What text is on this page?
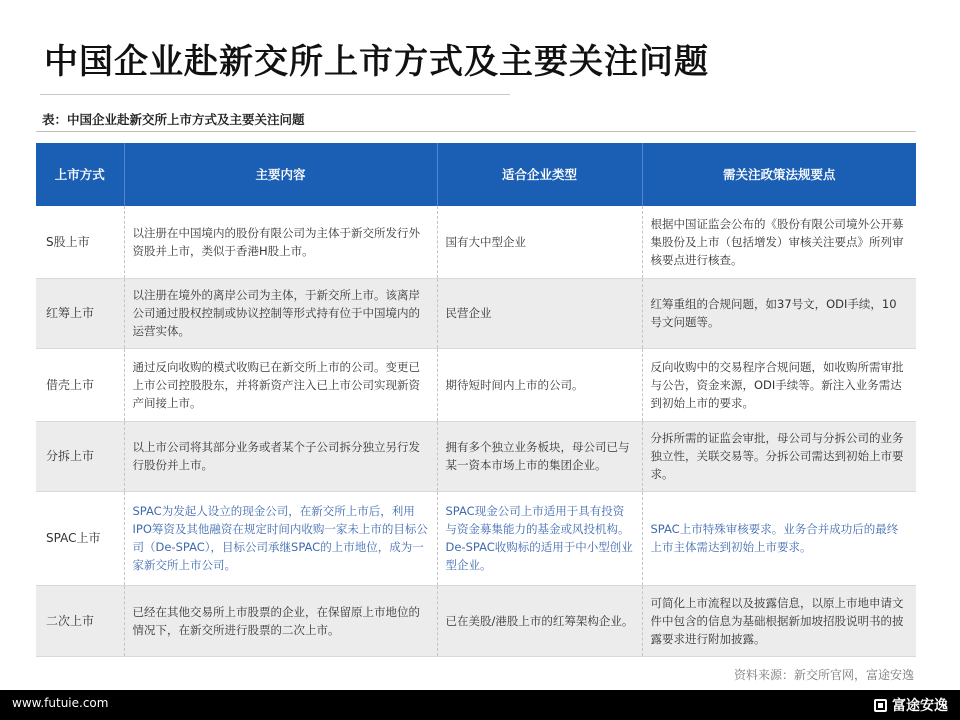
中国企业赴新交所上市方式及主要关注问题
表：中国企业赴新交所上市方式及主要关注问题
上市方式	主要内容	适合企业类型	需关注政策法规要点
S股上市	以注册在中国境内的股份有限公司为主体于新交所发行外资股并上市，类似于香港H股上市。	国有大中型企业	根据中国证监会公布的《股份有限公司境外公开募集股份及上市（包括增发）审核关注要点》所列审核要点进行核查。
红筹上市	以注册在境外的离岸公司为主体，于新交所上市。该离岸公司通过股权控制或协议控制等形式持有位于中国境内的运营实体。	民营企业	红筹重组的合规问题，如37号文，ODI手续，10号文问题等。
借壳上市	通过反向收购的模式收购已在新交所上市的公司。变更已上市公司控股股东，并将新资产注入已上市公司实现新资产间接上市。	期待短时间内上市的公司。	反向收购中的交易程序合规问题，如收购所需审批与公告，资金来源，ODI手续等。新注入业务需达到初始上市的要求。
分拆上市	以上市公司将其部分业务或者某个子公司拆分独立另行发行股份并上市。	拥有多个独立业务板块，母公司已与某一资本市场上市的集团企业。	分拆所需的证监会审批，母公司与分拆公司的业务独立性，关联交易等。分拆公司需达到初始上市要求。
SPAC上市	SPAC为发起人设立的现金公司，在新交所上市后，利用IPO筹资及其他融资在规定时间内收购一家未上市的目标公司（De-SPAC），目标公司承继SPAC的上市地位，成为一家新交所上市公司。	SPAC现金公司上市适用于具有投资与资金募集能力的基金或风投机构。De-SPAC收购标的适用于中小型创业型企业。	SPAC上市特殊审核要求。业务合并成功后的最终上市主体需达到初始上市要求。
二次上市	已经在其他交易所上市股票的企业，在保留原上市地位的情况下，在新交所进行股票的二次上市。	已在美股/港股上市的红筹架构企业。	可简化上市流程以及披露信息，以原上市地申请文件中包含的信息为基础根据新加坡招股说明书的披露要求进行附加披露。
资料来源：新交所官网，富途安逸
www.futuie.com	富途安逸
